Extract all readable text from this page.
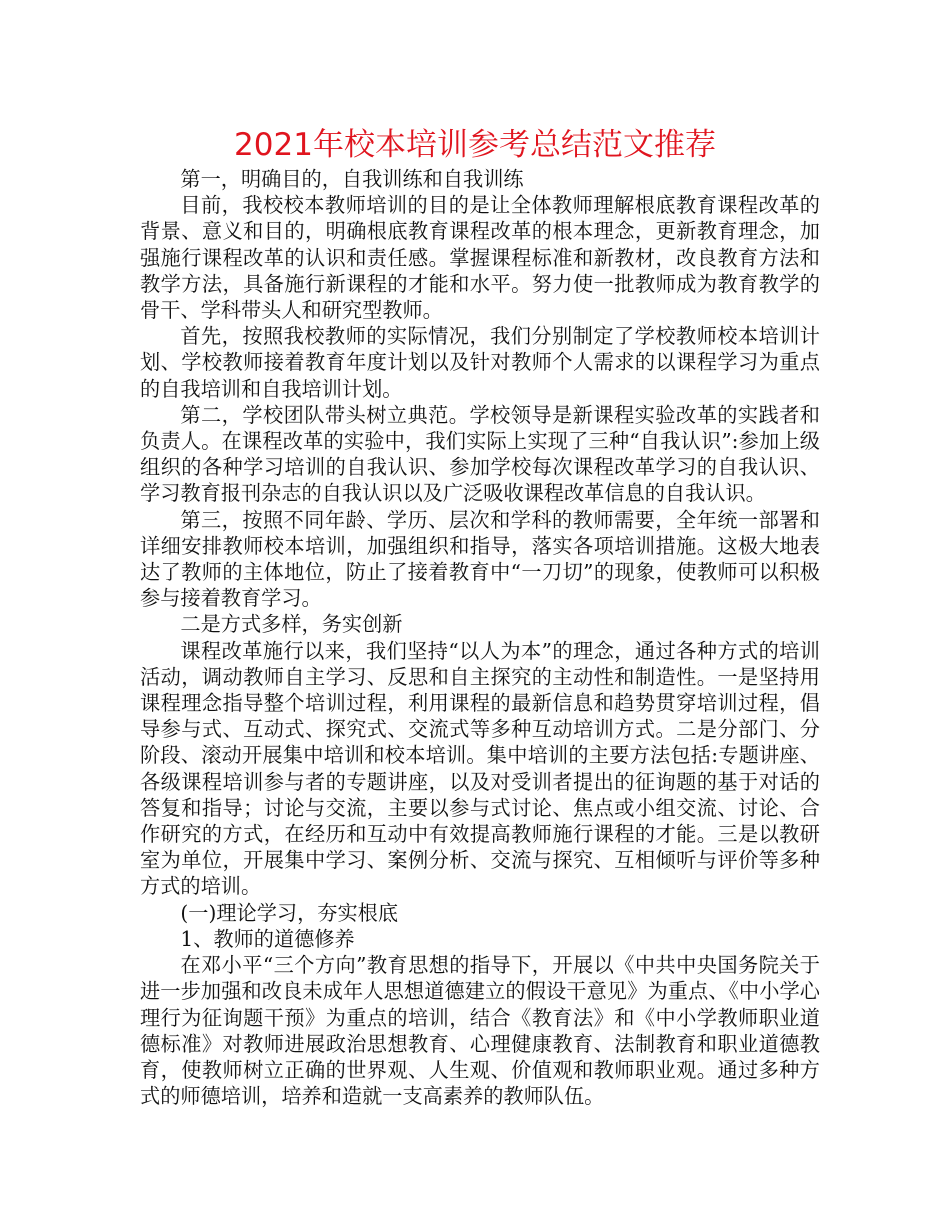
2021年校本培训参考总结范文推荐

第一，明确目的，自我训练和自我训练

目前，我校校本教师培训的目的是让全体教师理解根底教育课程改革的背景、意义和目的，明确根底教育课程改革的根本理念，更新教育理念，加强施行课程改革的认识和责任感。掌握课程标准和新教材，改良教育方法和教学方法，具备施行新课程的才能和水平。努力使一批教师成为教育教学的骨干、学科带头人和研究型教师。

首先，按照我校教师的实际情况，我们分别制定了学校教师校本培训计划、学校教师接着教育年度计划以及针对教师个人需求的以课程学习为重点的自我培训和自我培训计划。

第二，学校团队带头树立典范。学校领导是新课程实验改革的实践者和负责人。在课程改革的实验中，我们实际上实现了三种“自我认识”:参加上级组织的各种学习培训的自我认识、参加学校每次课程改革学习的自我认识、学习教育报刊杂志的自我认识以及广泛吸收课程改革信息的自我认识。

第三，按照不同年龄、学历、层次和学科的教师需要，全年统一部署和详细安排教师校本培训，加强组织和指导，落实各项培训措施。这极大地表达了教师的主体地位，防止了接着教育中“一刀切”的现象，使教师可以积极参与接着教育学习。

二是方式多样，务实创新

课程改革施行以来，我们坚持“以人为本”的理念，通过各种方式的培训活动，调动教师自主学习、反思和自主探究的主动性和制造性。一是坚持用课程理念指导整个培训过程，利用课程的最新信息和趋势贯穿培训过程，倡导参与式、互动式、探究式、交流式等多种互动培训方式。二是分部门、分阶段、滚动开展集中培训和校本培训。集中培训的主要方法包括:专题讲座、各级课程培训参与者的专题讲座，以及对受训者提出的征询题的基于对话的答复和指导；讨论与交流，主要以参与式讨论、焦点或小组交流、讨论、合作研究的方式，在经历和互动中有效提高教师施行课程的才能。三是以教研室为单位，开展集中学习、案例分析、交流与探究、互相倾听与评价等多种方式的培训。

(一)理论学习，夯实根底

1、教师的道德修养

在邓小平“三个方向”教育思想的指导下，开展以《中共中央国务院关于进一步加强和改良未成年人思想道德建立的假设干意见》为重点、《中小学心理行为征询题干预》为重点的培训，结合《教育法》和《中小学教师职业道德标准》对教师进展政治思想教育、心理健康教育、法制教育和职业道德教育，使教师树立正确的世界观、人生观、价值观和教师职业观。通过多种方式的师德培训，培养和造就一支高素养的教师队伍。
